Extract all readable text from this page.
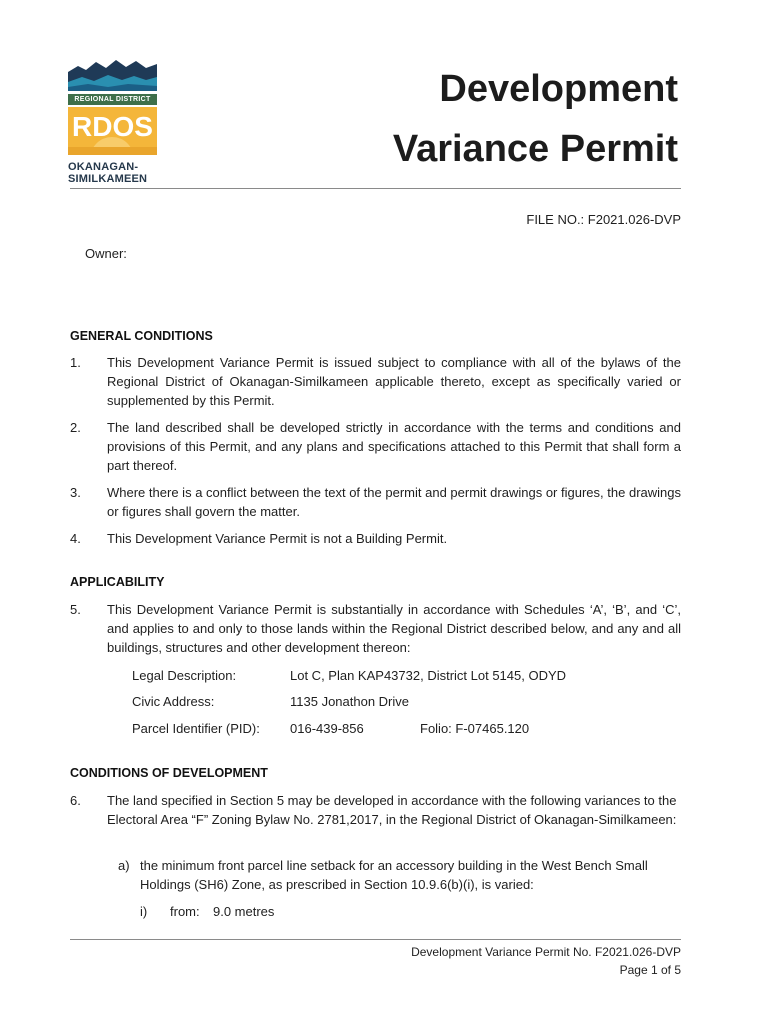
REGIONAL DISTRICT
RDOS
OKANAGAN-
SIMILKAMEEN
Development
Variance Permit
FILE NO.: F2021.026-DVP
Owner:
GENERAL CONDITIONS
1. This Development Variance Permit is issued subject to compliance with all of the bylaws of the Regional District of Okanagan-Similkameen applicable thereto, except as specifically varied or supplemented by this Permit.
2. The land described shall be developed strictly in accordance with the terms and conditions and provisions of this Permit, and any plans and specifications attached to this Permit that shall form a part thereof.
3. Where there is a conflict between the text of the permit and permit drawings or figures, the drawings or figures shall govern the matter.
4. This Development Variance Permit is not a Building Permit.
APPLICABILITY
5. This Development Variance Permit is substantially in accordance with Schedules ‘A’, ‘B’, and ‘C’, and applies to and only to those lands within the Regional District described below, and any and all buildings, structures and other development thereon:
Legal Description:	Lot C, Plan KAP43732, District Lot 5145, ODYD
Civic Address:	1135 Jonathon Drive
Parcel Identifier (PID): 016-439-856	Folio: F-07465.120
CONDITIONS OF DEVELOPMENT
6. The land specified in Section 5 may be developed in accordance with the following variances to the Electoral Area “F” Zoning Bylaw No. 2781,2017, in the Regional District of Okanagan-Similkameen:
a) the minimum front parcel line setback for an accessory building in the West Bench Small Holdings (SH6) Zone, as prescribed in Section 10.9.6(b)(i), is varied:
i) from: 9.0 metres
Development Variance Permit No. F2021.026-DVP
Page 1 of 5
